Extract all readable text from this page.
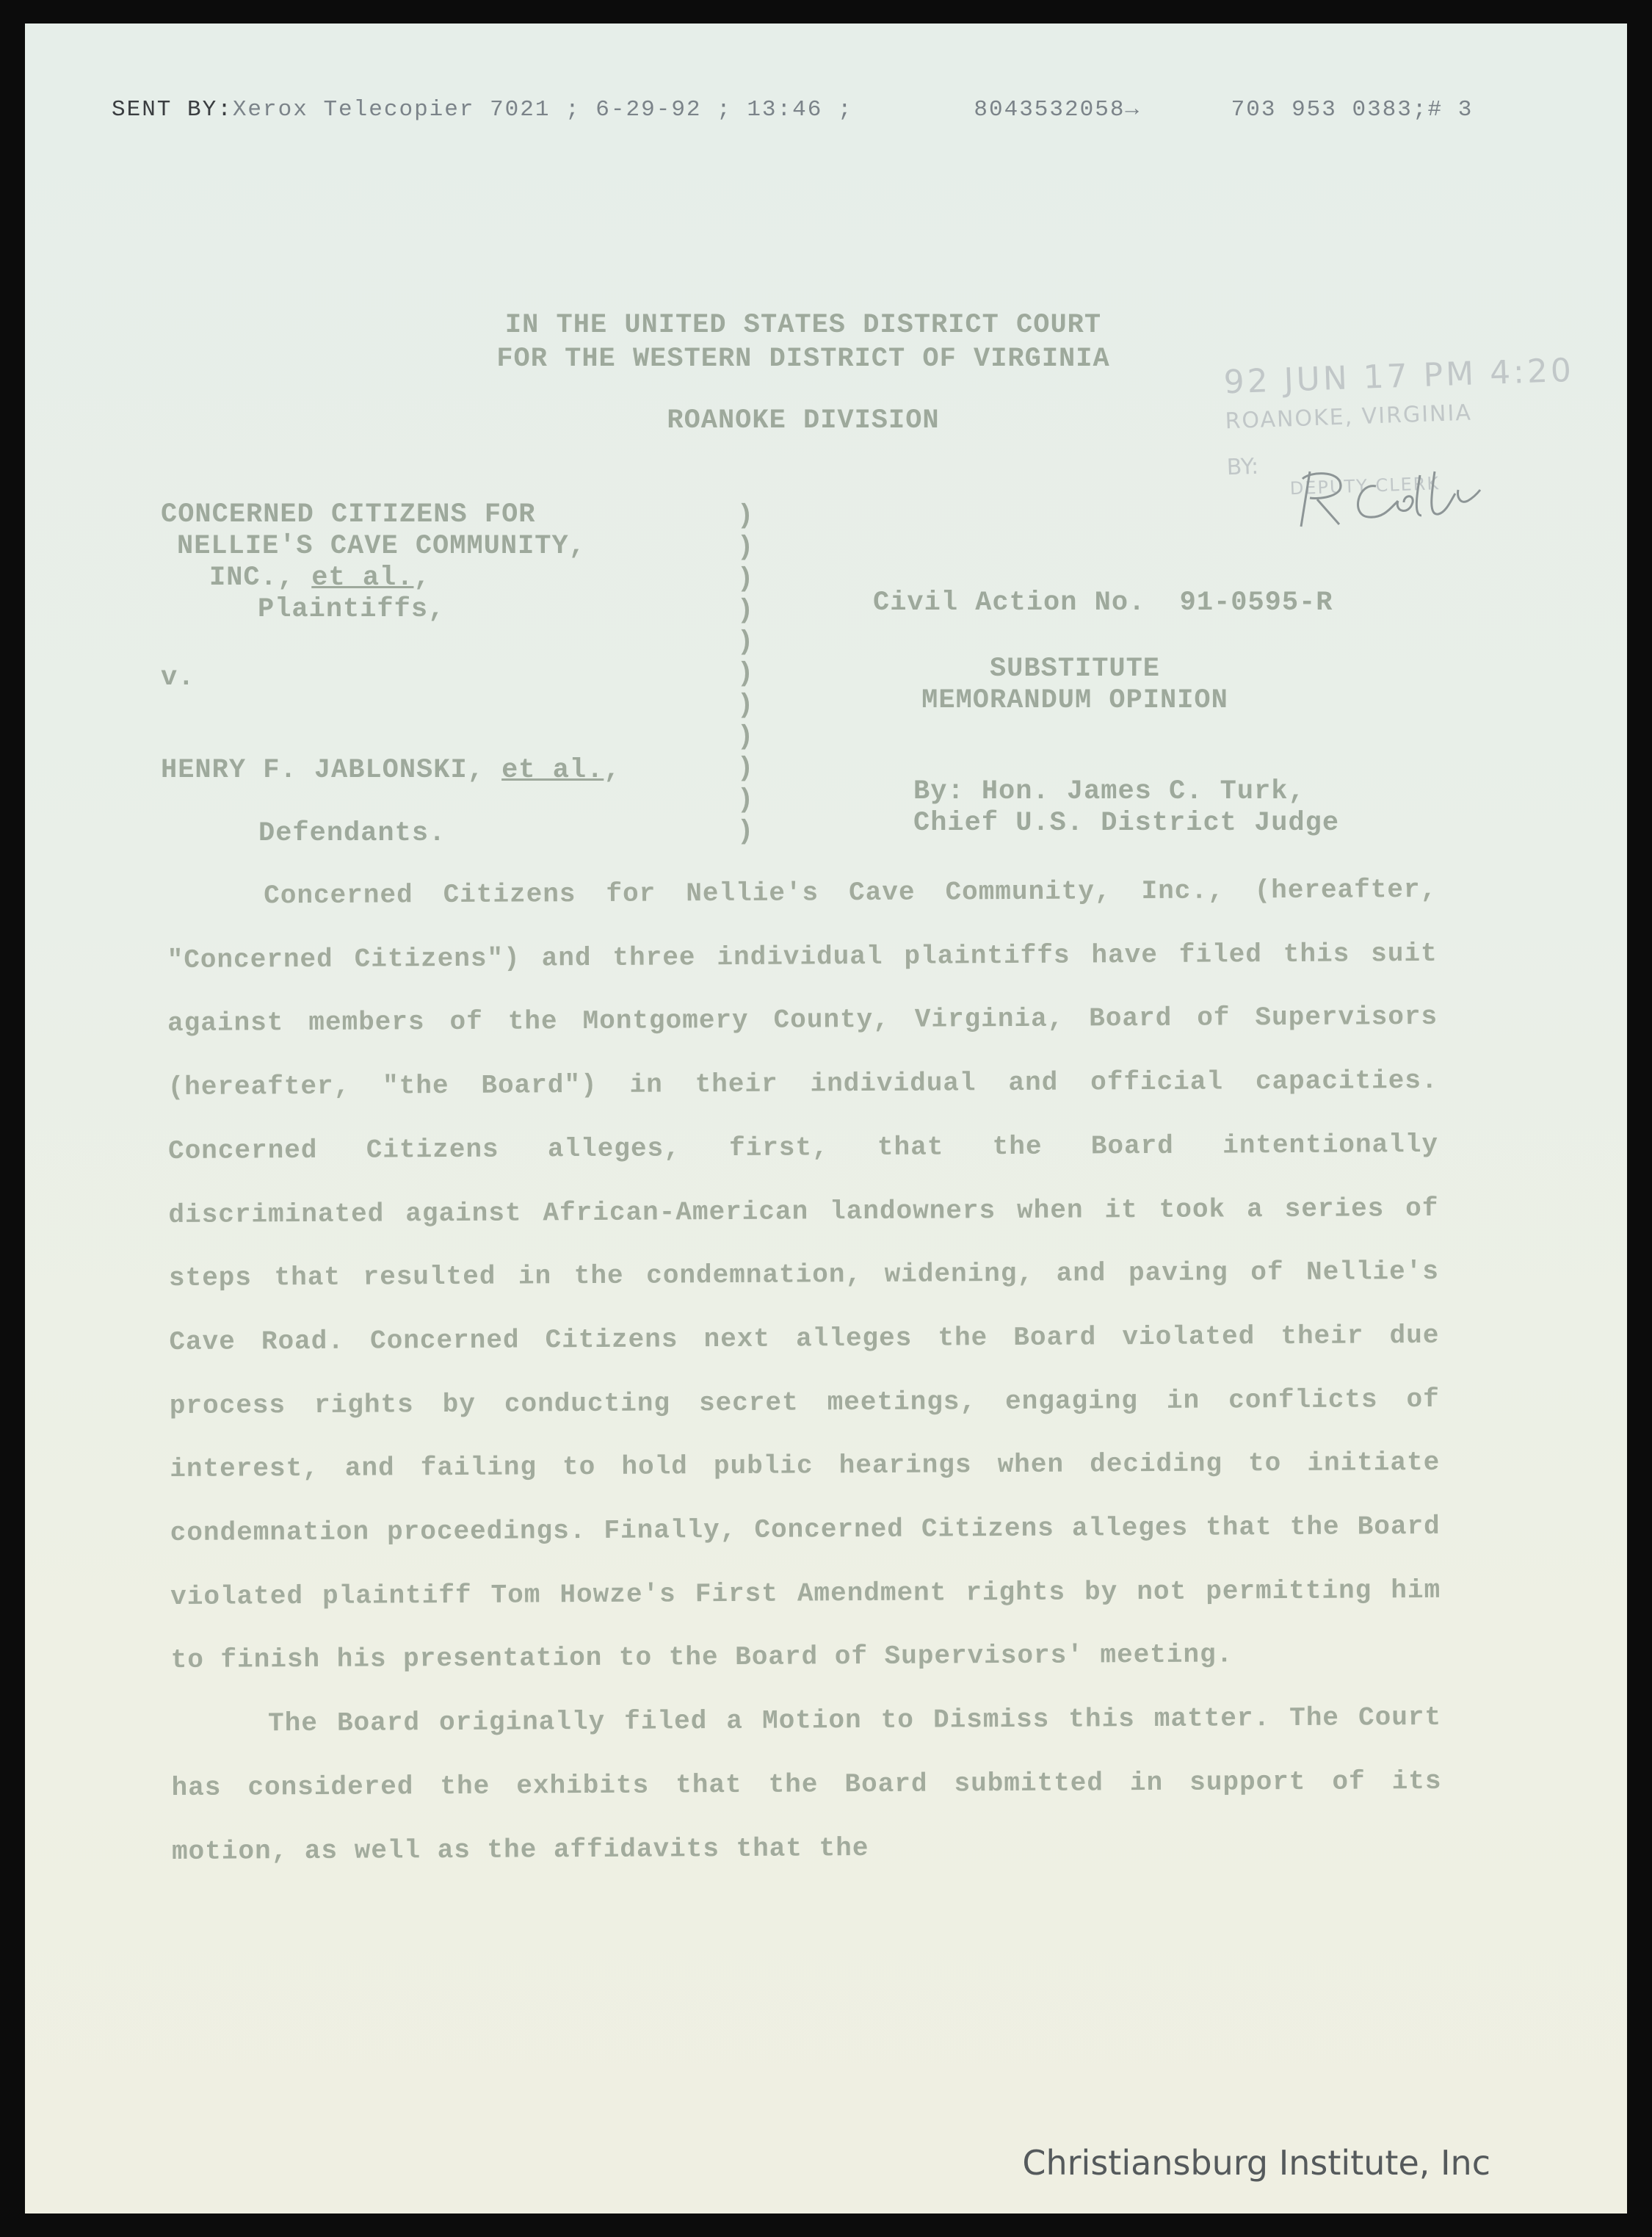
SENT BY:Xerox Telecopier 7021 ; 6-29-92 ; 13:46 ;	8043532058→	703 953 0383;# 3
IN THE UNITED STATES DISTRICT COURT
FOR THE WESTERN DISTRICT OF VIRGINIA
ROANOKE DIVISION
CONCERNED CITIZENS FOR
NELLIE'S CAVE COMMUNITY,
INC., et al.,
Plaintiffs,
v.
HENRY F. JABLONSKI, et al.,
Defendants.
)
)
)
)
)
)
)
)
)
)
)
Civil Action No.  91-0595-R
SUBSTITUTE
MEMORANDUM OPINION
By: Hon. James C. Turk,
Chief U.S. District Judge

Concerned Citizens for Nellie's Cave Community, Inc., (hereafter, "Concerned Citizens") and three individual plaintiffs have filed this suit against members of the Montgomery County, Virginia, Board of Supervisors (hereafter, "the Board") in their individual and official capacities. Concerned Citizens alleges, first, that the Board intentionally discriminated against African-American landowners when it took a series of steps that resulted in the condemnation, widening, and paving of Nellie's Cave Road. Concerned Citizens next alleges the Board violated their due process rights by conducting secret meetings, engaging in conflicts of interest, and failing to hold public hearings when deciding to initiate condemnation proceedings. Finally, Concerned Citizens alleges that the Board violated plaintiff Tom Howze's First Amendment rights by not permitting him to finish his presentation to the Board of Supervisors' meeting.

The Board originally filed a Motion to Dismiss this matter. The Court has considered the exhibits that the Board submitted in support of its motion, as well as the affidavits that the

92 JUN 17 PM 4:20
ROANOKE, VIRGINIA
BY:
DEPUTY CLERK
Christiansburg Institute, Inc
